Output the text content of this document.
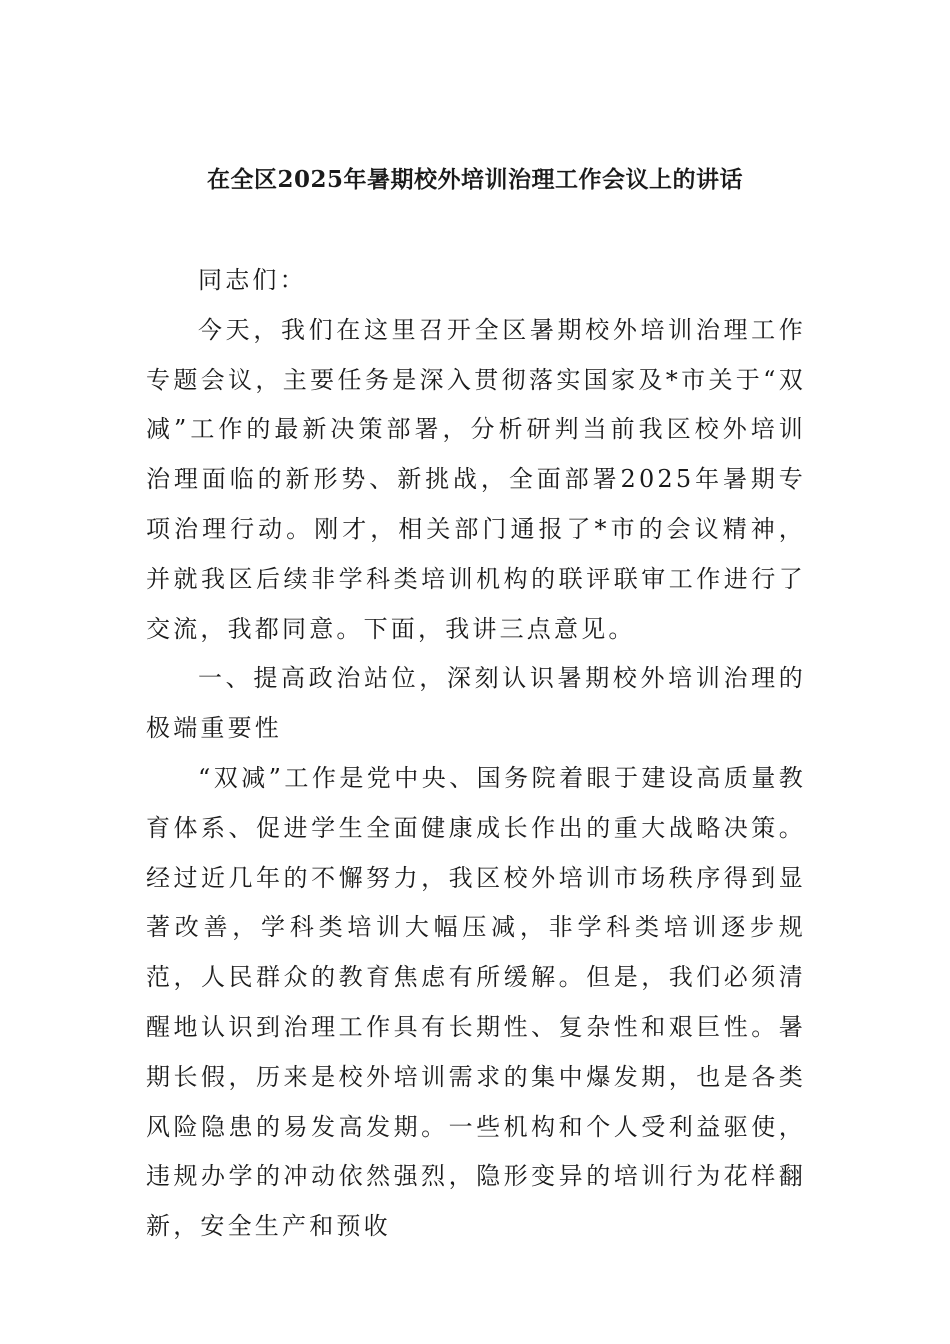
在全区2025年暑期校外培训治理工作会议上的讲话

同志们：

今天，我们在这里召开全区暑期校外培训治理工作专题会议，主要任务是深入贯彻落实国家及*市关于“双减”工作的最新决策部署，分析研判当前我区校外培训治理面临的新形势、新挑战，全面部署2025年暑期专项治理行动。刚才，相关部门通报了*市的会议精神，并就我区后续非学科类培训机构的联评联审工作进行了交流，我都同意。下面，我讲三点意见。

一、提高政治站位，深刻认识暑期校外培训治理的极端重要性

“双减”工作是党中央、国务院着眼于建设高质量教育体系、促进学生全面健康成长作出的重大战略决策。经过近几年的不懈努力，我区校外培训市场秩序得到显著改善，学科类培训大幅压减，非学科类培训逐步规范，人民群众的教育焦虑有所缓解。但是，我们必须清醒地认识到治理工作具有长期性、复杂性和艰巨性。暑期长假，历来是校外培训需求的集中爆发期，也是各类风险隐患的易发高发期。一些机构和个人受利益驱使，违规办学的冲动依然强烈，隐形变异的培训行为花样翻新，安全生产和预收
